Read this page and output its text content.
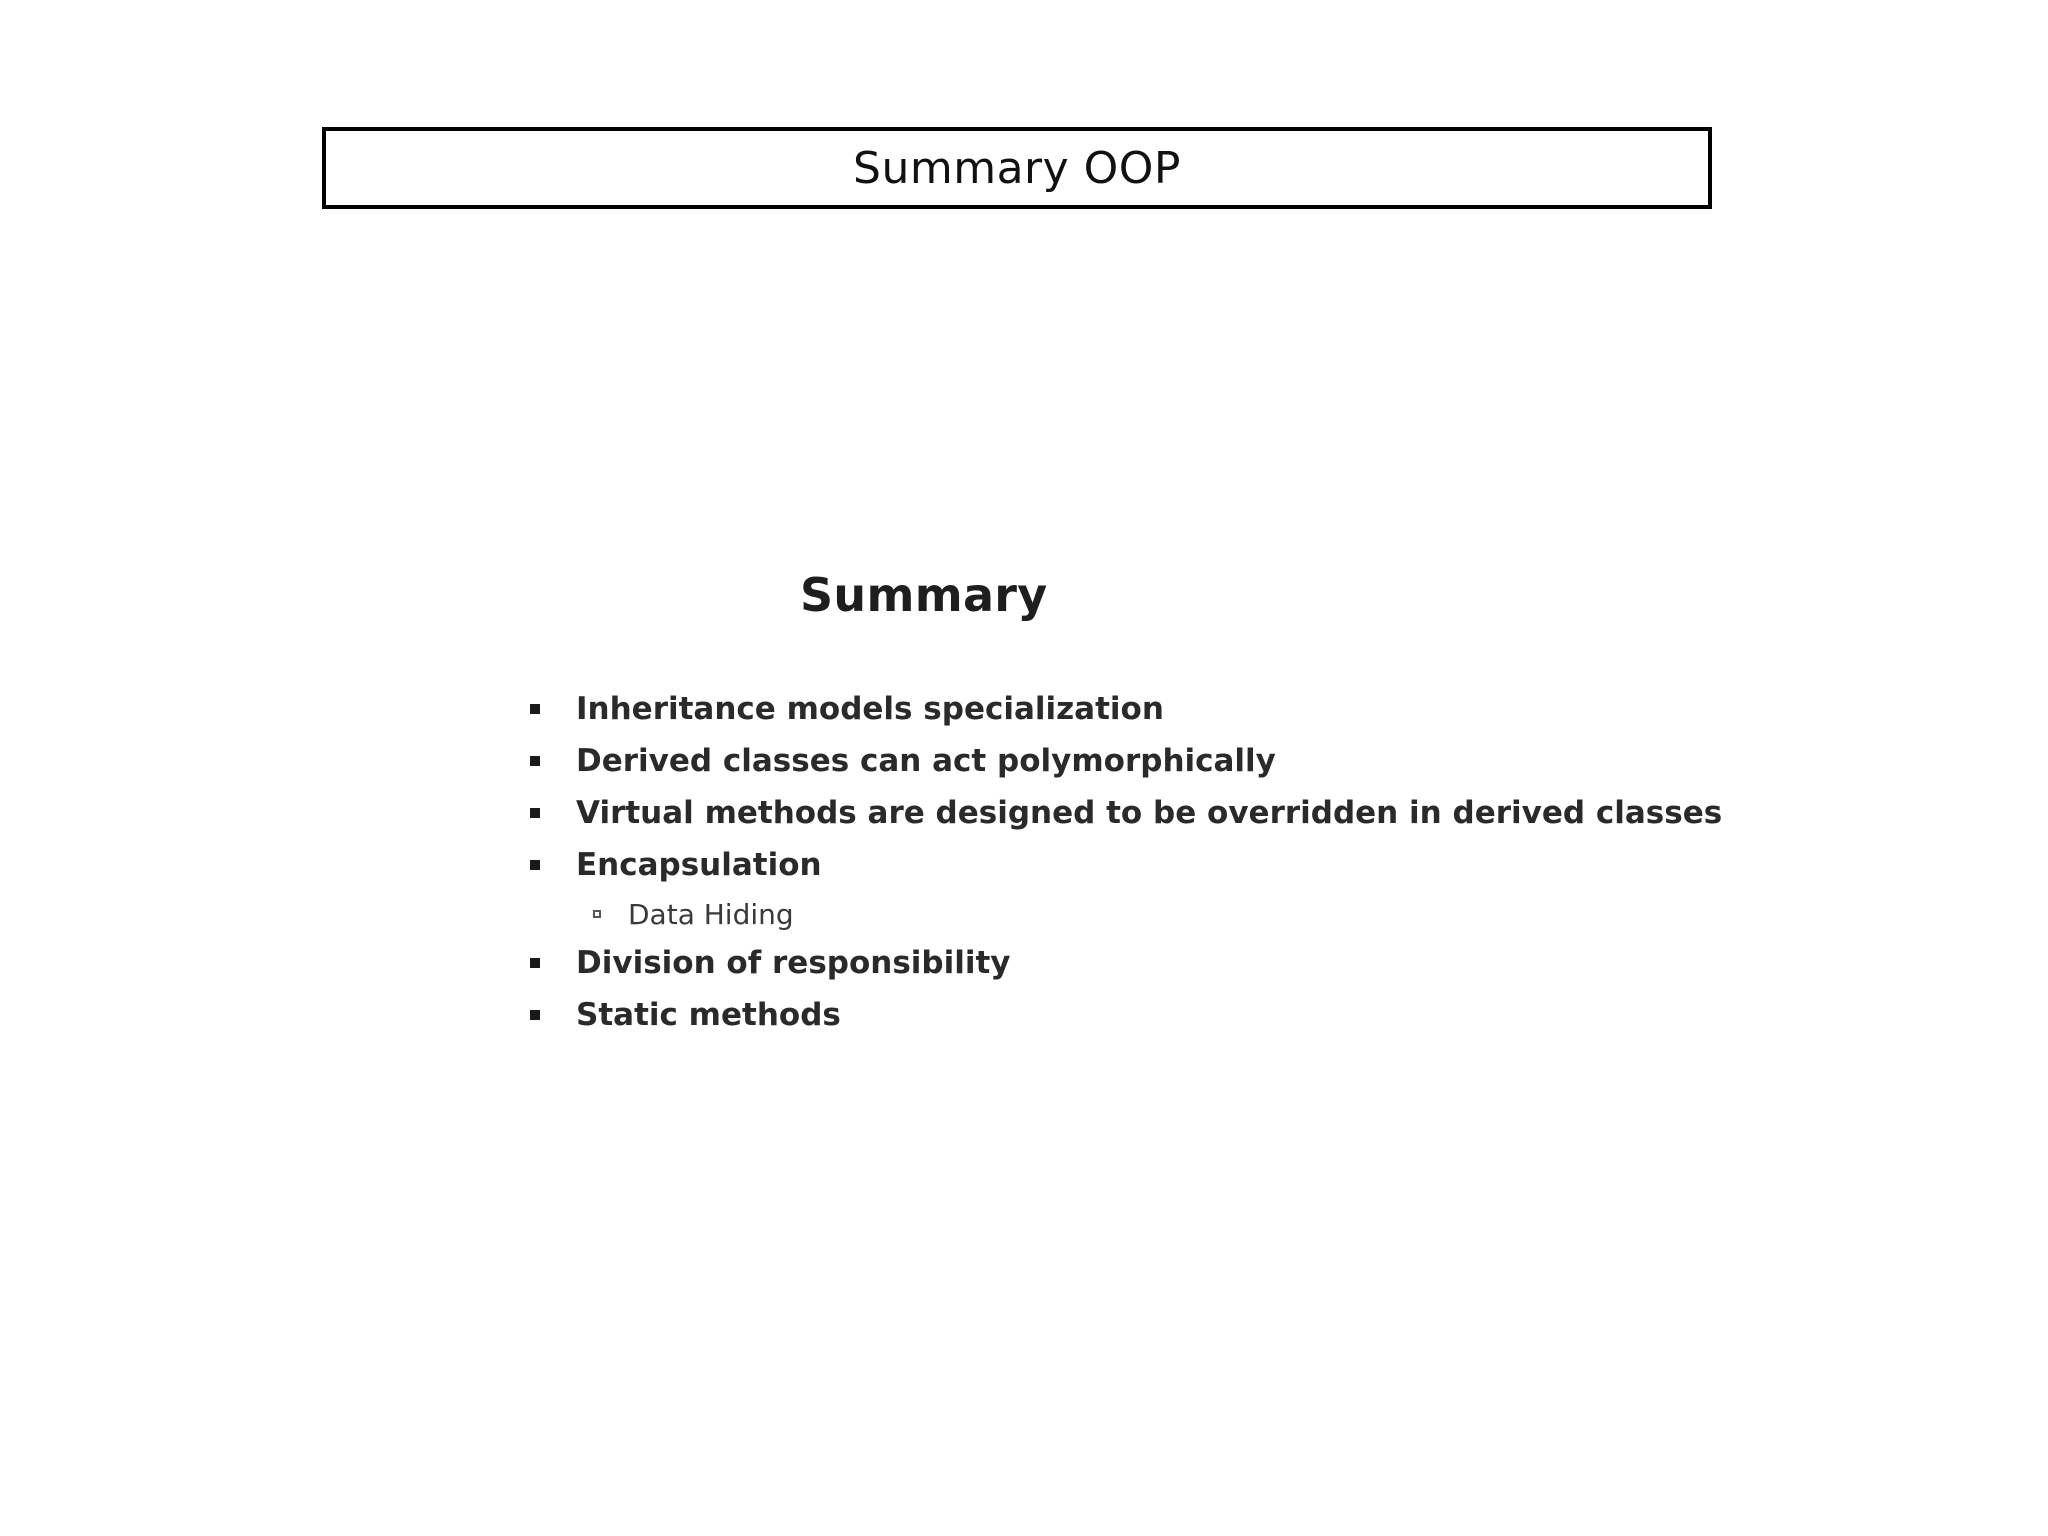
Summary OOP
Summary
Inheritance models specialization
Derived classes can act polymorphically
Virtual methods are designed to be overridden in derived classes
Encapsulation
Data Hiding
Division of responsibility
Static methods
